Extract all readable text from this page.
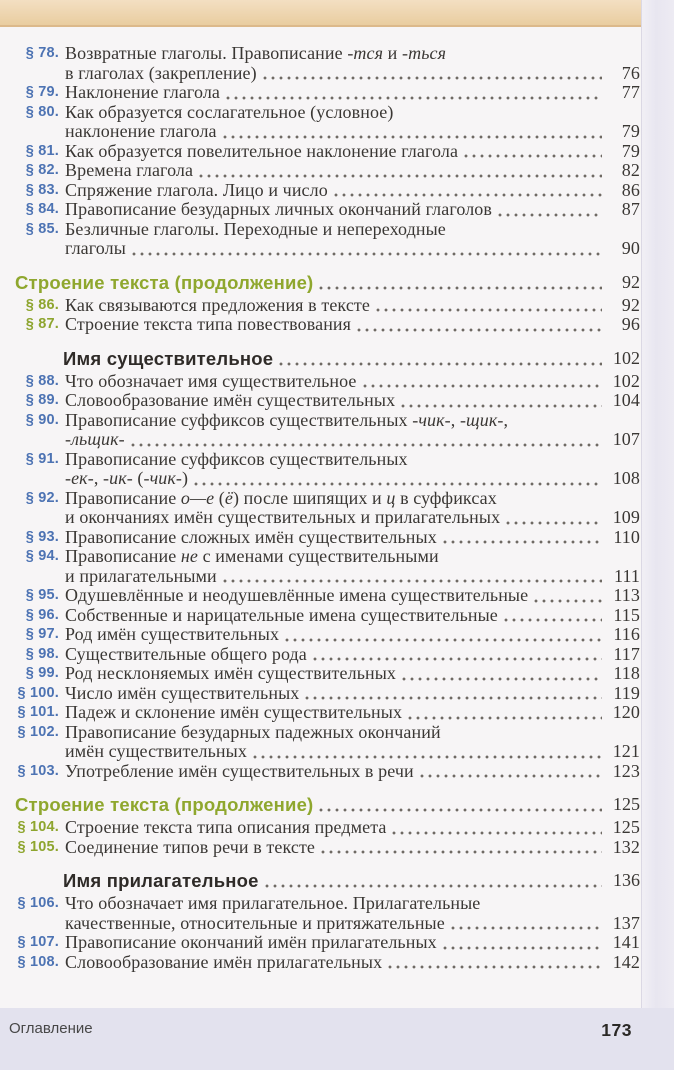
§ 78. Возвратные глаголы. Правописание -тся и -ться
в глаголах (закрепление)	76
§ 79. Наклонение глагола	77
§ 80. Как образуется сослагательное (условное)
наклонение глагола	79
§ 81. Как образуется повелительное наклонение глагола	79
§ 82. Времена глагола	82
§ 83. Спряжение глагола. Лицо и число	86
§ 84. Правописание безударных личных окончаний глаголов	87
§ 85. Безличные глаголы. Переходные и непереходные
глаголы	90
Строение текста (продолжение)	92
§ 86. Как связываются предложения в тексте	92
§ 87. Строение текста типа повествования	96
Имя существительное	102
§ 88. Что обозначает имя существительное	102
§ 89. Словообразование имён существительных	104
§ 90. Правописание суффиксов существительных -чик-, -щик-,
-льщик-	107
§ 91. Правописание суффиксов существительных
-ек-, -ик- (-чик-)	108
§ 92. Правописание о—е (ё) после шипящих и ц в суффиксах
и окончаниях имён существительных и прилагательных	109
§ 93. Правописание сложных имён существительных	110
§ 94. Правописание не с именами существительными
и прилагательными	111
§ 95. Одушевлённые и неодушевлённые имена существительные	113
§ 96. Собственные и нарицательные имена существительные	115
§ 97. Род имён существительных	116
§ 98. Существительные общего рода	117
§ 99. Род несклоняемых имён существительных	118
§ 100. Число имён существительных	119
§ 101. Падеж и склонение имён существительных	120
§ 102. Правописание безударных падежных окончаний
имён существительных	121
§ 103. Употребление имён существительных в речи	123
Строение текста (продолжение)	125
§ 104. Строение текста типа описания предмета	125
§ 105. Соединение типов речи в тексте	132
Имя прилагательное	136
§ 106. Что обозначает имя прилагательное. Прилагательные
качественные, относительные и притяжательные	137
§ 107. Правописание окончаний имён прилагательных	141
§ 108. Словообразование имён прилагательных	142
Оглавление	173
